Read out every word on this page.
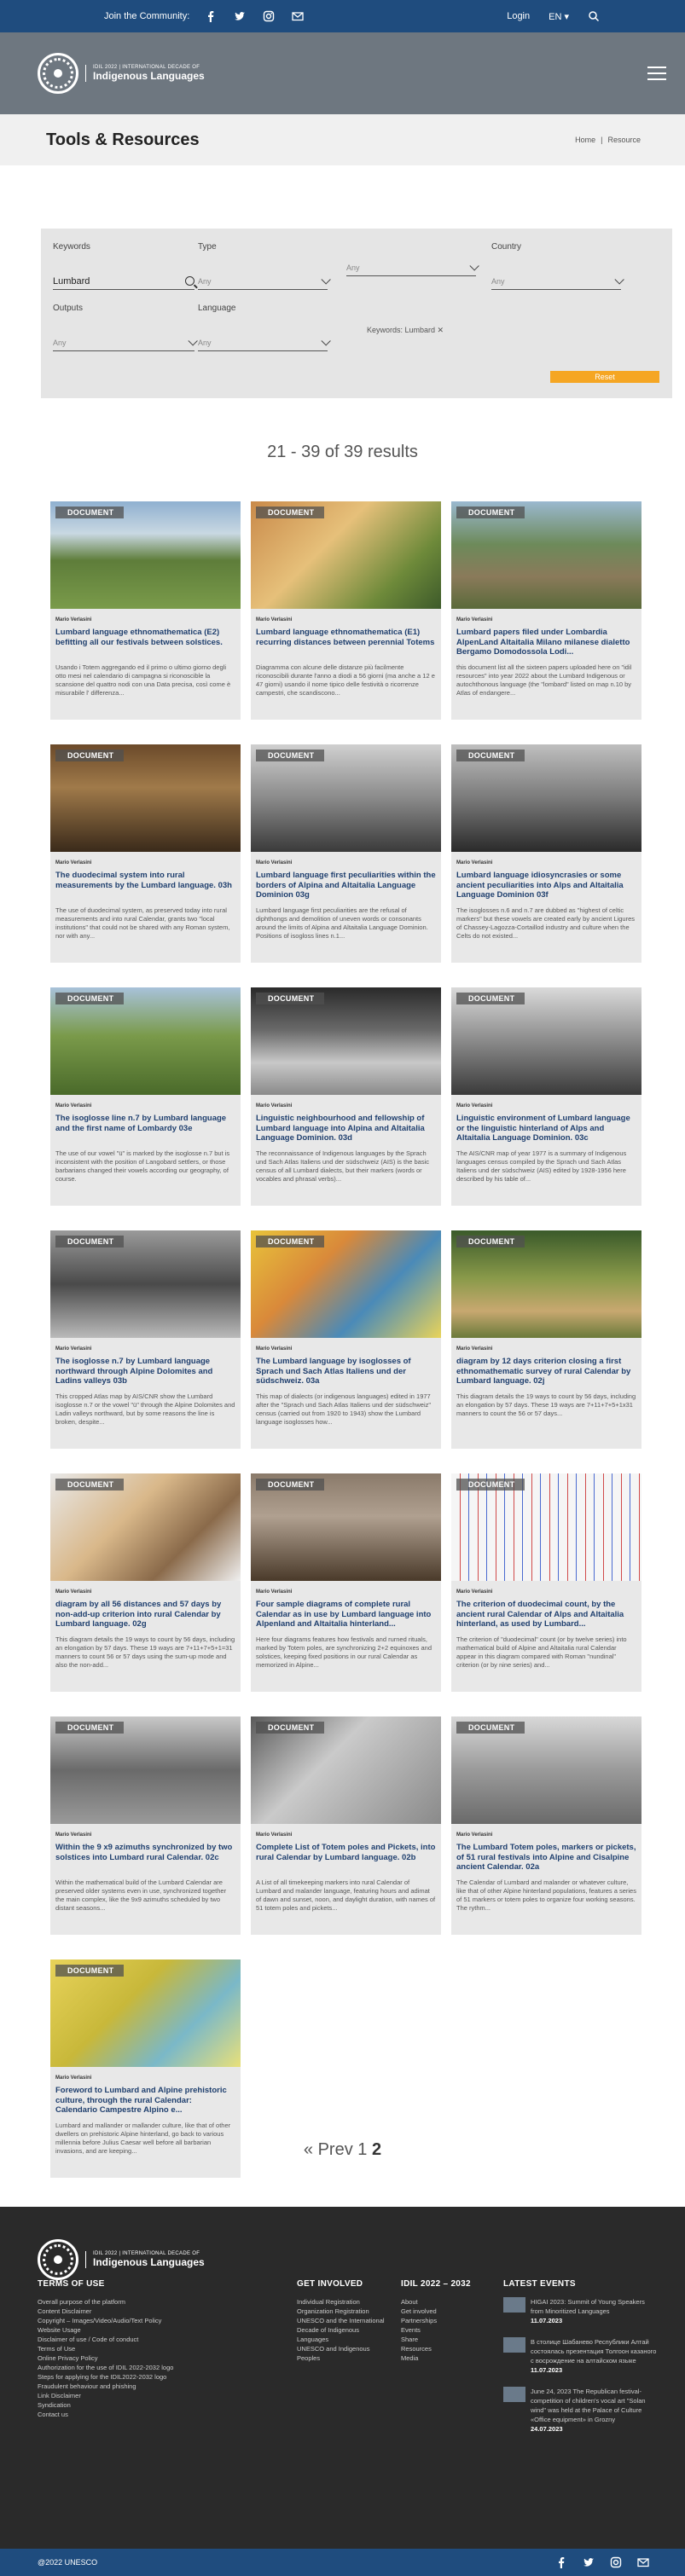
Join the Community:	Login EN ▾
IDIL 2022 | INTERNATIONAL DECADE OF
Indigenous Languages
Tools & Resources	Home | Resource
Keywords
Lumbard
Type
Any
Any
Country
Any
Outputs
Any
Language
Any
Keywords: Lumbard ✕
Reset
21 - 39 of 39 results
DOCUMENT
Mario Verlasini
Lumbard language ethnomathematica (E2) befitting all our festivals between solstices.
Usando i Totem aggregando ed il primo o ultimo giorno degli otto mesi nel calendario di campagna si riconoscible la scansione del quattro nodi con una Data precisa, così come è misurabile l' differenza...
DOCUMENT
Mario Verlasini
Lumbard language ethnomathematica (E1) recurring distances between perennial Totems
Diagramma con alcune delle distanze più facilmente riconoscibili durante l'anno a diodi a 56 giorni (ma anche a 12 e 47 giorni) usando il nome tipico delle festività o ricorrenze campestri, che scandiscono...
DOCUMENT
Mario Verlasini
Lumbard papers filed under Lombardia AlpenLand Altaitalia Milano milanese dialetto Bergamo Domodossola Lodi...
this document list all the sixteen papers uploaded here on "idil resources" into year 2022 about the Lumbard Indigenous or autochthonous language (the "lombard" listed on map n.10 by Atlas of endangere...
DOCUMENT
Mario Verlasini
The duodecimal system into rural measurements by the Lumbard language. 03h
The use of duodecimal system, as preserved today into rural measurements and into rural Calendar, grants two "local institutions" that could not be shared with any Roman system, nor with any...
DOCUMENT
Mario Verlasini
Lumbard language first peculiarities within the borders of Alpina and Altaitalia Language Dominion 03g
Lumbard language first peculiarities are the refusal of diphthongs and demolition of uneven words or consonants around the limits of Alpina and Altaitalia Language Dominion. Positions of isogloss lines n.1...
DOCUMENT
Mario Verlasini
Lumbard language idiosyncrasies or some ancient peculiarities into Alps and Altaitalia Language Dominion 03f
The isoglosses n.6 and n.7 are dubbed as "highest of celtic markers" but these vowels are created early by ancient Ligures of Chassey-Lagozza-Cortaillod industry and culture when the Celts do not existed...
DOCUMENT
Mario Verlasini
The isoglosse line n.7 by Lumbard language and the first name of Lombardy 03e
The use of our vowel "ü" is marked by the isoglosse n.7 but is inconsistent with the position of Langobard settlers, or those barbarians changed their vowels according our geography, of course.
DOCUMENT
Mario Verlasini
Linguistic neighbourhood and fellowship of Lumbard language into Alpina and Altaitalia Language Dominion. 03d
The reconnaissance of Indigenous languages by the Sprach und Sach Atlas Italiens und der südschweiz (AIS) is the basic census of all Lumbard dialects, but their markers (words or vocables and phrasal verbs)...
DOCUMENT
Mario Verlasini
Linguistic environment of Lumbard language or the linguistic hinterland of Alps and Altaitalia Language Dominion. 03c
The AIS/CNR map of year 1977 is a summary of Indigenous languages census compiled by the Sprach und Sach Atlas Italiens und der südschweiz (AIS) edited by 1928-1956 here described by his table of...
DOCUMENT
Mario Verlasini
The isoglosse n.7 by Lumbard language northward through Alpine Dolomites and Ladins valleys 03b
This cropped Atlas map by AIS/CNR show the Lumbard isoglosse n.7 or the vowel "ü" through the Alpine Dolomites and Ladin valleys northward, but by some reasons the line is broken, despite...
DOCUMENT
Mario Verlasini
The Lumbard language by isoglosses of Sprach und Sach Atlas Italiens und der südschweiz. 03a
This map of dialects (or indigenous languages) edited in 1977 after the "Sprach und Sach Atlas Italiens und der südschweiz" census (carried out from 1920 to 1943) show the Lumbard language isoglosses how...
DOCUMENT
Mario Verlasini
diagram by 12 days criterion closing a first ethnomathematic survey of rural Calendar by Lumbard language. 02j
This diagram details the 19 ways to count by 56 days, including an elongation by 57 days. These 19 ways are 7+11+7+5+1x31 manners to count the 56 or 57 days...
DOCUMENT
Mario Verlasini
diagram by all 56 distances and 57 days by non-add-up criterion into rural Calendar by Lumbard language. 02g
This diagram details the 19 ways to count by 56 days, including an elongation by 57 days. These 19 ways are 7+11+7+5+1=31 manners to count 56 or 57 days using the sum-up mode and also the non-add...
DOCUMENT
Mario Verlasini
Four sample diagrams of complete rural Calendar as in use by Lumbard language into Alpenland and Altaitalia hinterland...
Here four diagrams features how festivals and rurned rituals, marked by Totem poles, are synchronizing 2+2 equinoxes and solstices, keeping fixed positions in our rural Calendar as memorized in Alpine...
DOCUMENT
Mario Verlasini
The criterion of duodecimal count, by the ancient rural Calendar of Alps and Altaitalia hinterland, as used by Lumbard...
The criterion of "duodecimal" count (or by twelve series) into mathematical build of Alpine and Altaitalia rural Calendar appear in this diagram compared with Roman "nundinal" criterion (or by nine series) and...
DOCUMENT
Mario Verlasini
Within the 9 x9 azimuths synchronized by two solstices into Lumbard rural Calendar. 02c
Within the mathematical build of the Lumbard Calendar are preserved older systems even in use, synchronized together the main complex, like the 9x9 azimuths scheduled by two distant seasons...
DOCUMENT
Mario Verlasini
Complete List of Totem poles and Pickets, into rural Calendar by Lumbard language. 02b
A List of all timekeeping markers into rural Calendar of Lumbard and malander language, featuring hours and adimat of dawn and sunset, noon, and daylight duration, with names of 51 totem poles and pickets...
DOCUMENT
Mario Verlasini
The Lumbard Totem poles, markers or pickets, of 51 rural festivals into Alpine and Cisalpine ancient Calendar. 02a
The Calendar of Lumbard and malander or whatever culture, like that of other Alpine hinterland populations, features a series of 51 markers or totem poles to organize four working seasons. The rythm...
DOCUMENT
Mario Verlasini
Foreword to Lumbard and Alpine prehistoric culture, through the rural Calendar: Calendario Campestre Alpino e...
Lumbard and mallander or mallander culture, like that of other dwellers on prehistoric Alpine hinterland, go back to various millennia before Julius Caesar well before all barbarian invasions, and are keeping...	« Prev 1 2
IDIL 2022 | INTERNATIONAL DECADE OF
Indigenous Languages
TERMS OF USE
Overall purpose of the platform
Content Disclaimer
Copyright – Images/Video/Audio/Text Policy
Website Usage
Disclaimer of use / Code of conduct
Terms of Use
Online Privacy Policy
Authorization for the use of IDIL 2022-2032 logo
Steps for applying for the IDIL2022-2032 logo
Fraudulent behaviour and phishing
Link Disclaimer
Syndication
Contact us
GET INVOLVED
Individual Registration
Organization Registration
UNESCO and the International Decade of Indigenous Languages
UNESCO and Indigenous Peoples
IDIL 2022 – 2032
About
Get involved
Partnerships
Events
Share
Resources
Media
LATEST EVENTS
HIGAI 2023: Summit of Young Speakers from Minoritized Languages
11.07.2023
В столице Шабанево Республики Алтай состоялась презентация Толгоон казаного с восрождение на алтайском языке
11.07.2023
June 24, 2023 The Republican festival-competition of children's vocal art "Solan wind" was held at the Palace of Culture «Office equipment» in Grozny
24.07.2023
@2022 UNESCO
